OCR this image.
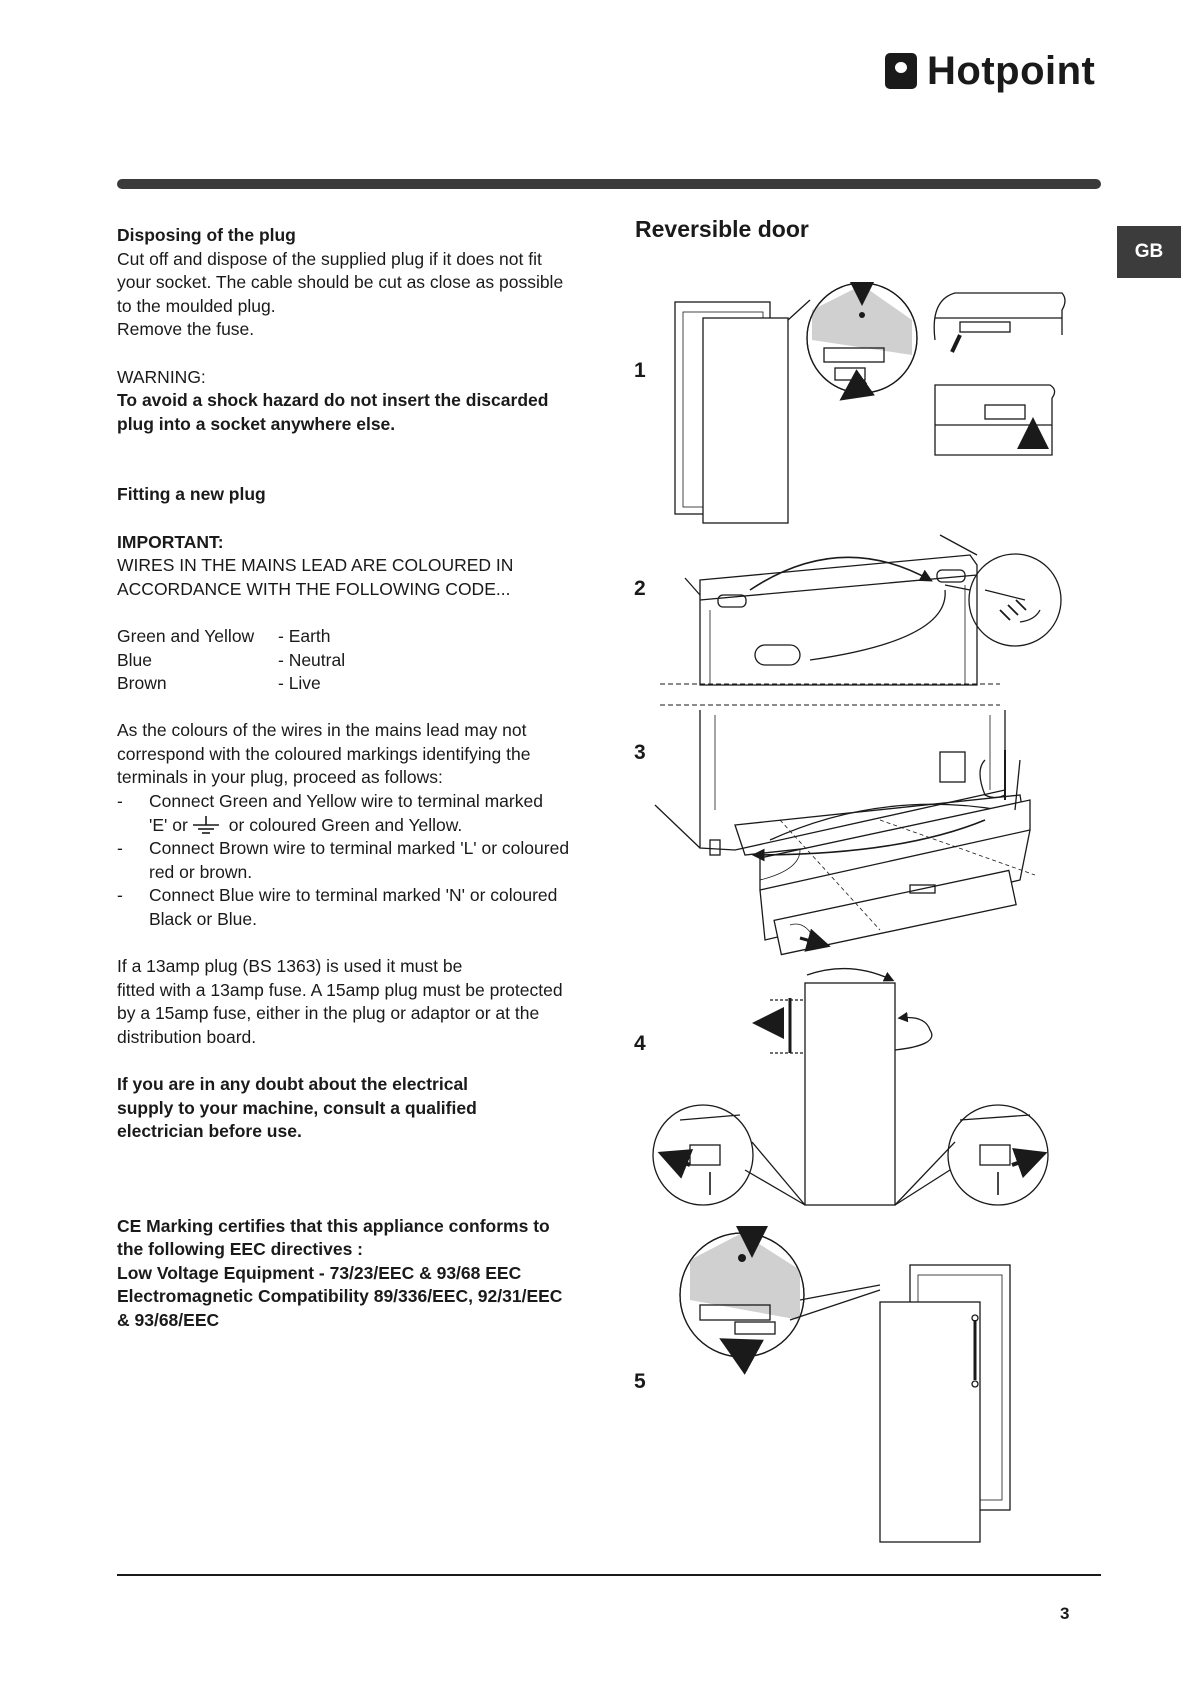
Hotpoint
GB

Disposing of the plug

Cut off and dispose of the supplied plug if it does not fit

your socket. The cable should be cut as close as possible

to the moulded plug.

Remove the fuse.

WARNING:

To avoid a shock hazard do not insert the discarded

plug into a socket anywhere else.

Fitting a new plug

IMPORTANT:

WIRES IN THE MAINS LEAD ARE COLOURED IN

ACCORDANCE WITH THE FOLLOWING CODE...

Green and Yellow	- Earth
Blue	- Neutral
Brown	- Live

As the colours of the wires in the mains lead may not

correspond with the coloured markings identifying the

terminals in your plug, proceed as follows:

- Connect Green and Yellow wire to terminal marked
'E' or or coloured Green and Yellow.
- Connect Brown wire to terminal marked 'L' or coloured
red or brown.
- Connect Blue wire to terminal marked 'N' or coloured
Black or Blue.

If a 13amp plug (BS 1363) is used it must be

fitted with a 13amp fuse. A 15amp plug must be protected

by a 15amp fuse, either in the plug or adaptor or at the

distribution board.

If you are in any doubt about the electrical

supply to your machine, consult a qualified

electrician before use.

CE Marking certifies that this appliance conforms to

the following EEC directives :

Low Voltage Equipment - 73/23/EEC & 93/68 EEC

Electromagnetic Compatibility 89/336/EEC, 92/31/EEC

& 93/68/EEC

Reversible door
1
2
3
4
5
3
